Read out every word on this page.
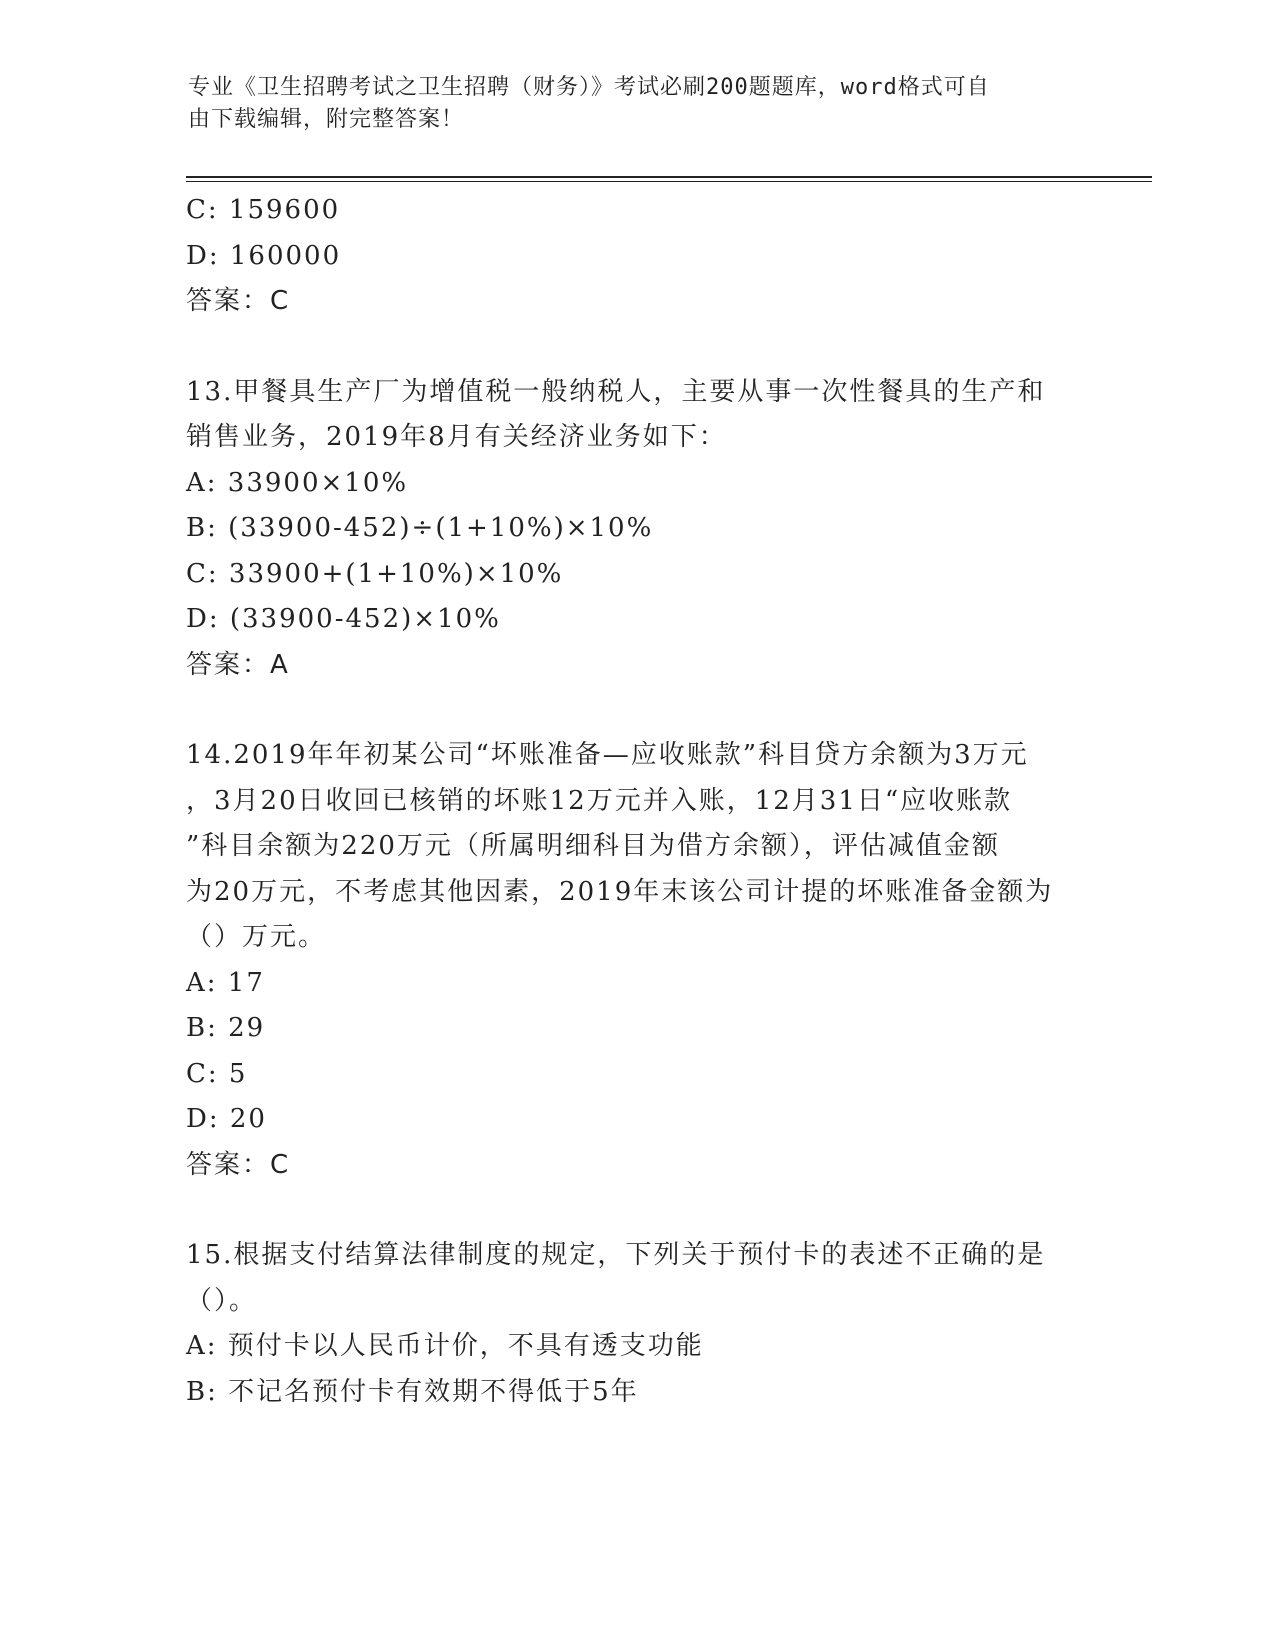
专业《卫生招聘考试之卫生招聘（财务）》考试必刷200题题库，word格式可自
由下载编辑，附完整答案！
C: 159600
D: 160000
答案：C
13.甲餐具生产厂为增值税一般纳税人，主要从事一次性餐具的生产和
销售业务，2019年8月有关经济业务如下：
A: 33900×10%
B: (33900-452)÷(1+10%)×10%
C: 33900+(1+10%)×10%
D: (33900-452)×10%
答案：A
14.2019年年初某公司“坏账准备—应收账款”科目贷方余额为3万元
，3月20日收回已核销的坏账12万元并入账，12月31日“应收账款
”科目余额为220万元（所属明细科目为借方余额），评估减值金额
为20万元，不考虑其他因素，2019年末该公司计提的坏账准备金额为
（）万元。
A: 17
B: 29
C: 5
D: 20
答案：C
15.根据支付结算法律制度的规定，下列关于预付卡的表述不正确的是
（）。
A: 预付卡以人民币计价，不具有透支功能
B: 不记名预付卡有效期不得低于5年
